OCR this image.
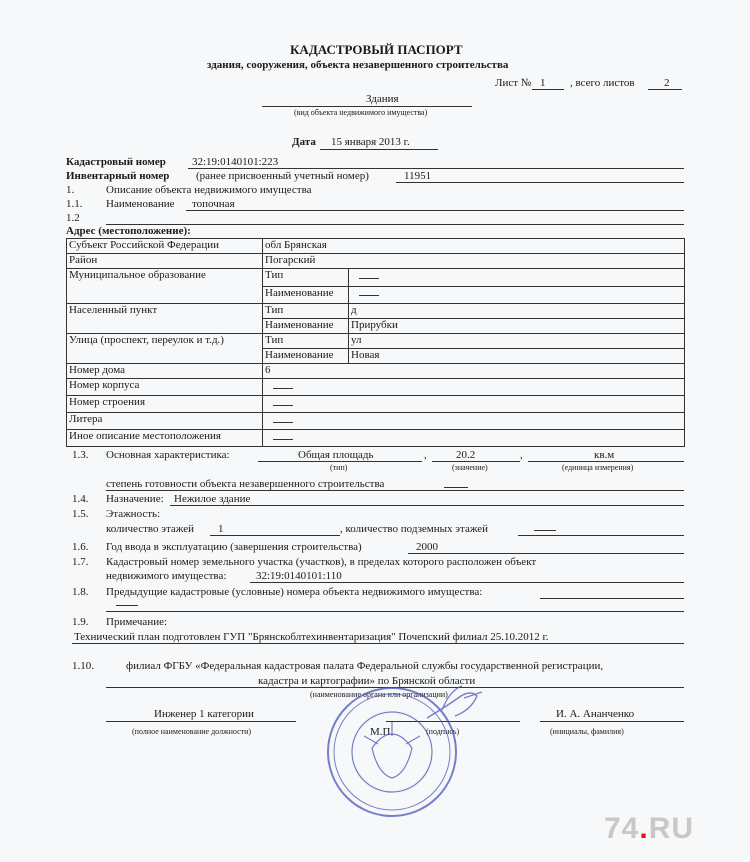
КАДАСТРОВЫЙ ПАСПОРТ
здания, сооружения, объекта незавершенного строительства
Лист № 1 , всего листов	2
Здания
(вид объекта недвижимого имущества)
Дата 15 января 2013 г.
Кадастровый номер 32:19:0140101:223
Инвентарный номер (ранее присвоенный учетный номер)	11951
1.	Описание объекта недвижимого имущества
1.1. Наименование топочная
1.2
Адрес (местоположение):
Субъект Российской Федерации	обл Брянская	
Район	Погарский	
Муниципальное образование	Тип	
	Наименование	
Населенный пункт	Тип	д
	Наименование	Прирубки
Улица (проспект, переулок и т.д.)	Тип	ул
	Наименование	Новая
Номер дома	6	
Номер корпуса		
Номер строения		
Литера		
Иное описание местоположения		
1.3. Основная характеристика:	Общая площадь	,	20.2	,	кв.м
(тип)	(значение)	(единица измерения)
степень готовности объекта незавершенного строительства
1.4. Назначение: Нежилое здание
1.5. Этажность:
количество этажей 1	, количество подземных этажей
1.6. Год ввода в эксплуатацию (завершения строительства)	2000
1.7. Кадастровый номер земельного участка (участков), в пределах которого расположен объект
недвижимого имущества:	32:19:0140101:110
1.8. Предыдущие кадастровые (условные) номера объекта недвижимого имущества:
1.9. Примечание:
Технический план подготовлен ГУП "Брянскоблтехинвентаризация" Почепский филиал 25.10.2012 г.
1.10.	филиал ФГБУ «Федеральная кадастровая палата Федеральной службы государственной регистрации,
кадастра и картографии» по Брянской области
(наименование органа или организации)
Инженер 1 категории
(полное наименование должности)	М.П.	(подпись)
И. А. Ананченко
(инициалы, фамилия)
74.RU
